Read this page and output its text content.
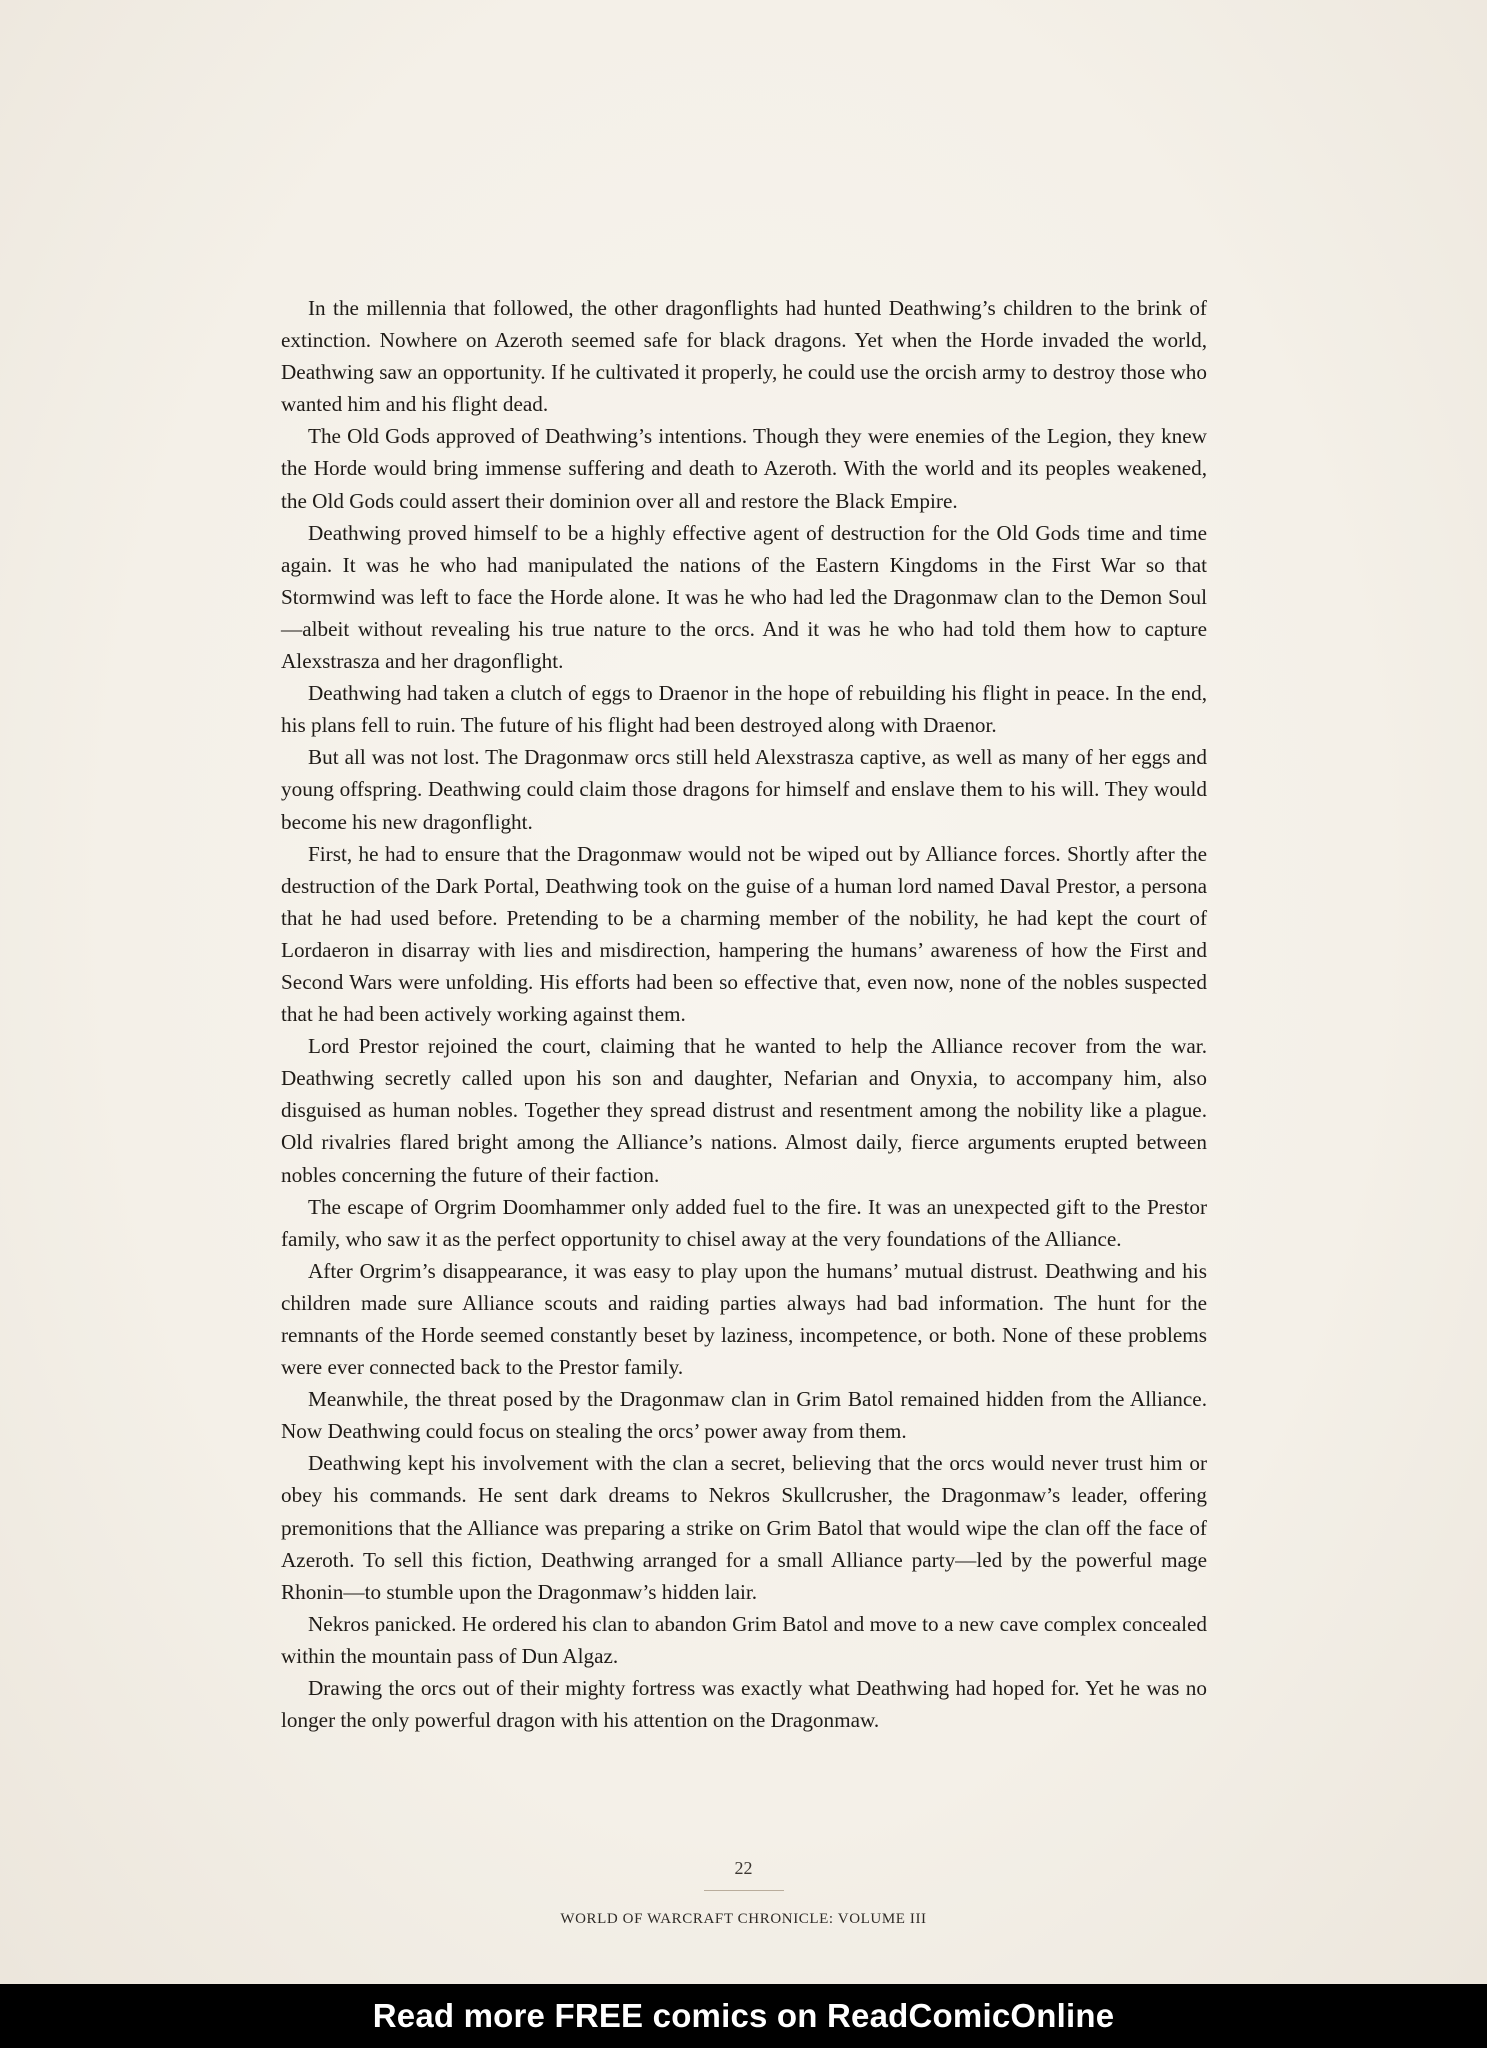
In the millennia that followed, the other dragonflights had hunted Deathwing’s children to the brink of extinction. Nowhere on Azeroth seemed safe for black dragons. Yet when the Horde invaded the world, Deathwing saw an opportunity. If he cultivated it properly, he could use the orcish army to destroy those who wanted him and his flight dead.

The Old Gods approved of Deathwing’s intentions. Though they were enemies of the Legion, they knew the Horde would bring immense suffering and death to Azeroth. With the world and its peoples weakened, the Old Gods could assert their dominion over all and restore the Black Empire.

Deathwing proved himself to be a highly effective agent of destruction for the Old Gods time and time again. It was he who had manipulated the nations of the Eastern Kingdoms in the First War so that Stormwind was left to face the Horde alone. It was he who had led the Dragonmaw clan to the Demon Soul—albeit without revealing his true nature to the orcs. And it was he who had told them how to capture Alexstrasza and her dragonflight.

Deathwing had taken a clutch of eggs to Draenor in the hope of rebuilding his flight in peace. In the end, his plans fell to ruin. The future of his flight had been destroyed along with Draenor.

But all was not lost. The Dragonmaw orcs still held Alexstrasza captive, as well as many of her eggs and young offspring. Deathwing could claim those dragons for himself and enslave them to his will. They would become his new dragonflight.

First, he had to ensure that the Dragonmaw would not be wiped out by Alliance forces. Shortly after the destruction of the Dark Portal, Deathwing took on the guise of a human lord named Daval Prestor, a persona that he had used before. Pretending to be a charming member of the nobility, he had kept the court of Lordaeron in disarray with lies and misdirection, hampering the humans’ awareness of how the First and Second Wars were unfolding. His efforts had been so effective that, even now, none of the nobles suspected that he had been actively working against them.

Lord Prestor rejoined the court, claiming that he wanted to help the Alliance recover from the war. Deathwing secretly called upon his son and daughter, Nefarian and Onyxia, to accompany him, also disguised as human nobles. Together they spread distrust and resentment among the nobility like a plague. Old rivalries flared bright among the Alliance’s nations. Almost daily, fierce arguments erupted between nobles concerning the future of their faction.

The escape of Orgrim Doomhammer only added fuel to the fire. It was an unexpected gift to the Prestor family, who saw it as the perfect opportunity to chisel away at the very foundations of the Alliance.

After Orgrim’s disappearance, it was easy to play upon the humans’ mutual distrust. Deathwing and his children made sure Alliance scouts and raiding parties always had bad information. The hunt for the remnants of the Horde seemed constantly beset by laziness, incompetence, or both. None of these problems were ever connected back to the Prestor family.

Meanwhile, the threat posed by the Dragonmaw clan in Grim Batol remained hidden from the Alliance. Now Deathwing could focus on stealing the orcs’ power away from them.

Deathwing kept his involvement with the clan a secret, believing that the orcs would never trust him or obey his commands. He sent dark dreams to Nekros Skullcrusher, the Dragonmaw’s leader, offering premonitions that the Alliance was preparing a strike on Grim Batol that would wipe the clan off the face of Azeroth. To sell this fiction, Deathwing arranged for a small Alliance party—led by the powerful mage Rhonin—to stumble upon the Dragonmaw’s hidden lair.

Nekros panicked. He ordered his clan to abandon Grim Batol and move to a new cave complex concealed within the mountain pass of Dun Algaz.

Drawing the orcs out of their mighty fortress was exactly what Deathwing had hoped for. Yet he was no longer the only powerful dragon with his attention on the Dragonmaw.

22
WORLD OF WARCRAFT CHRONICLE: VOLUME III
Read more FREE comics on ReadComicOnline
